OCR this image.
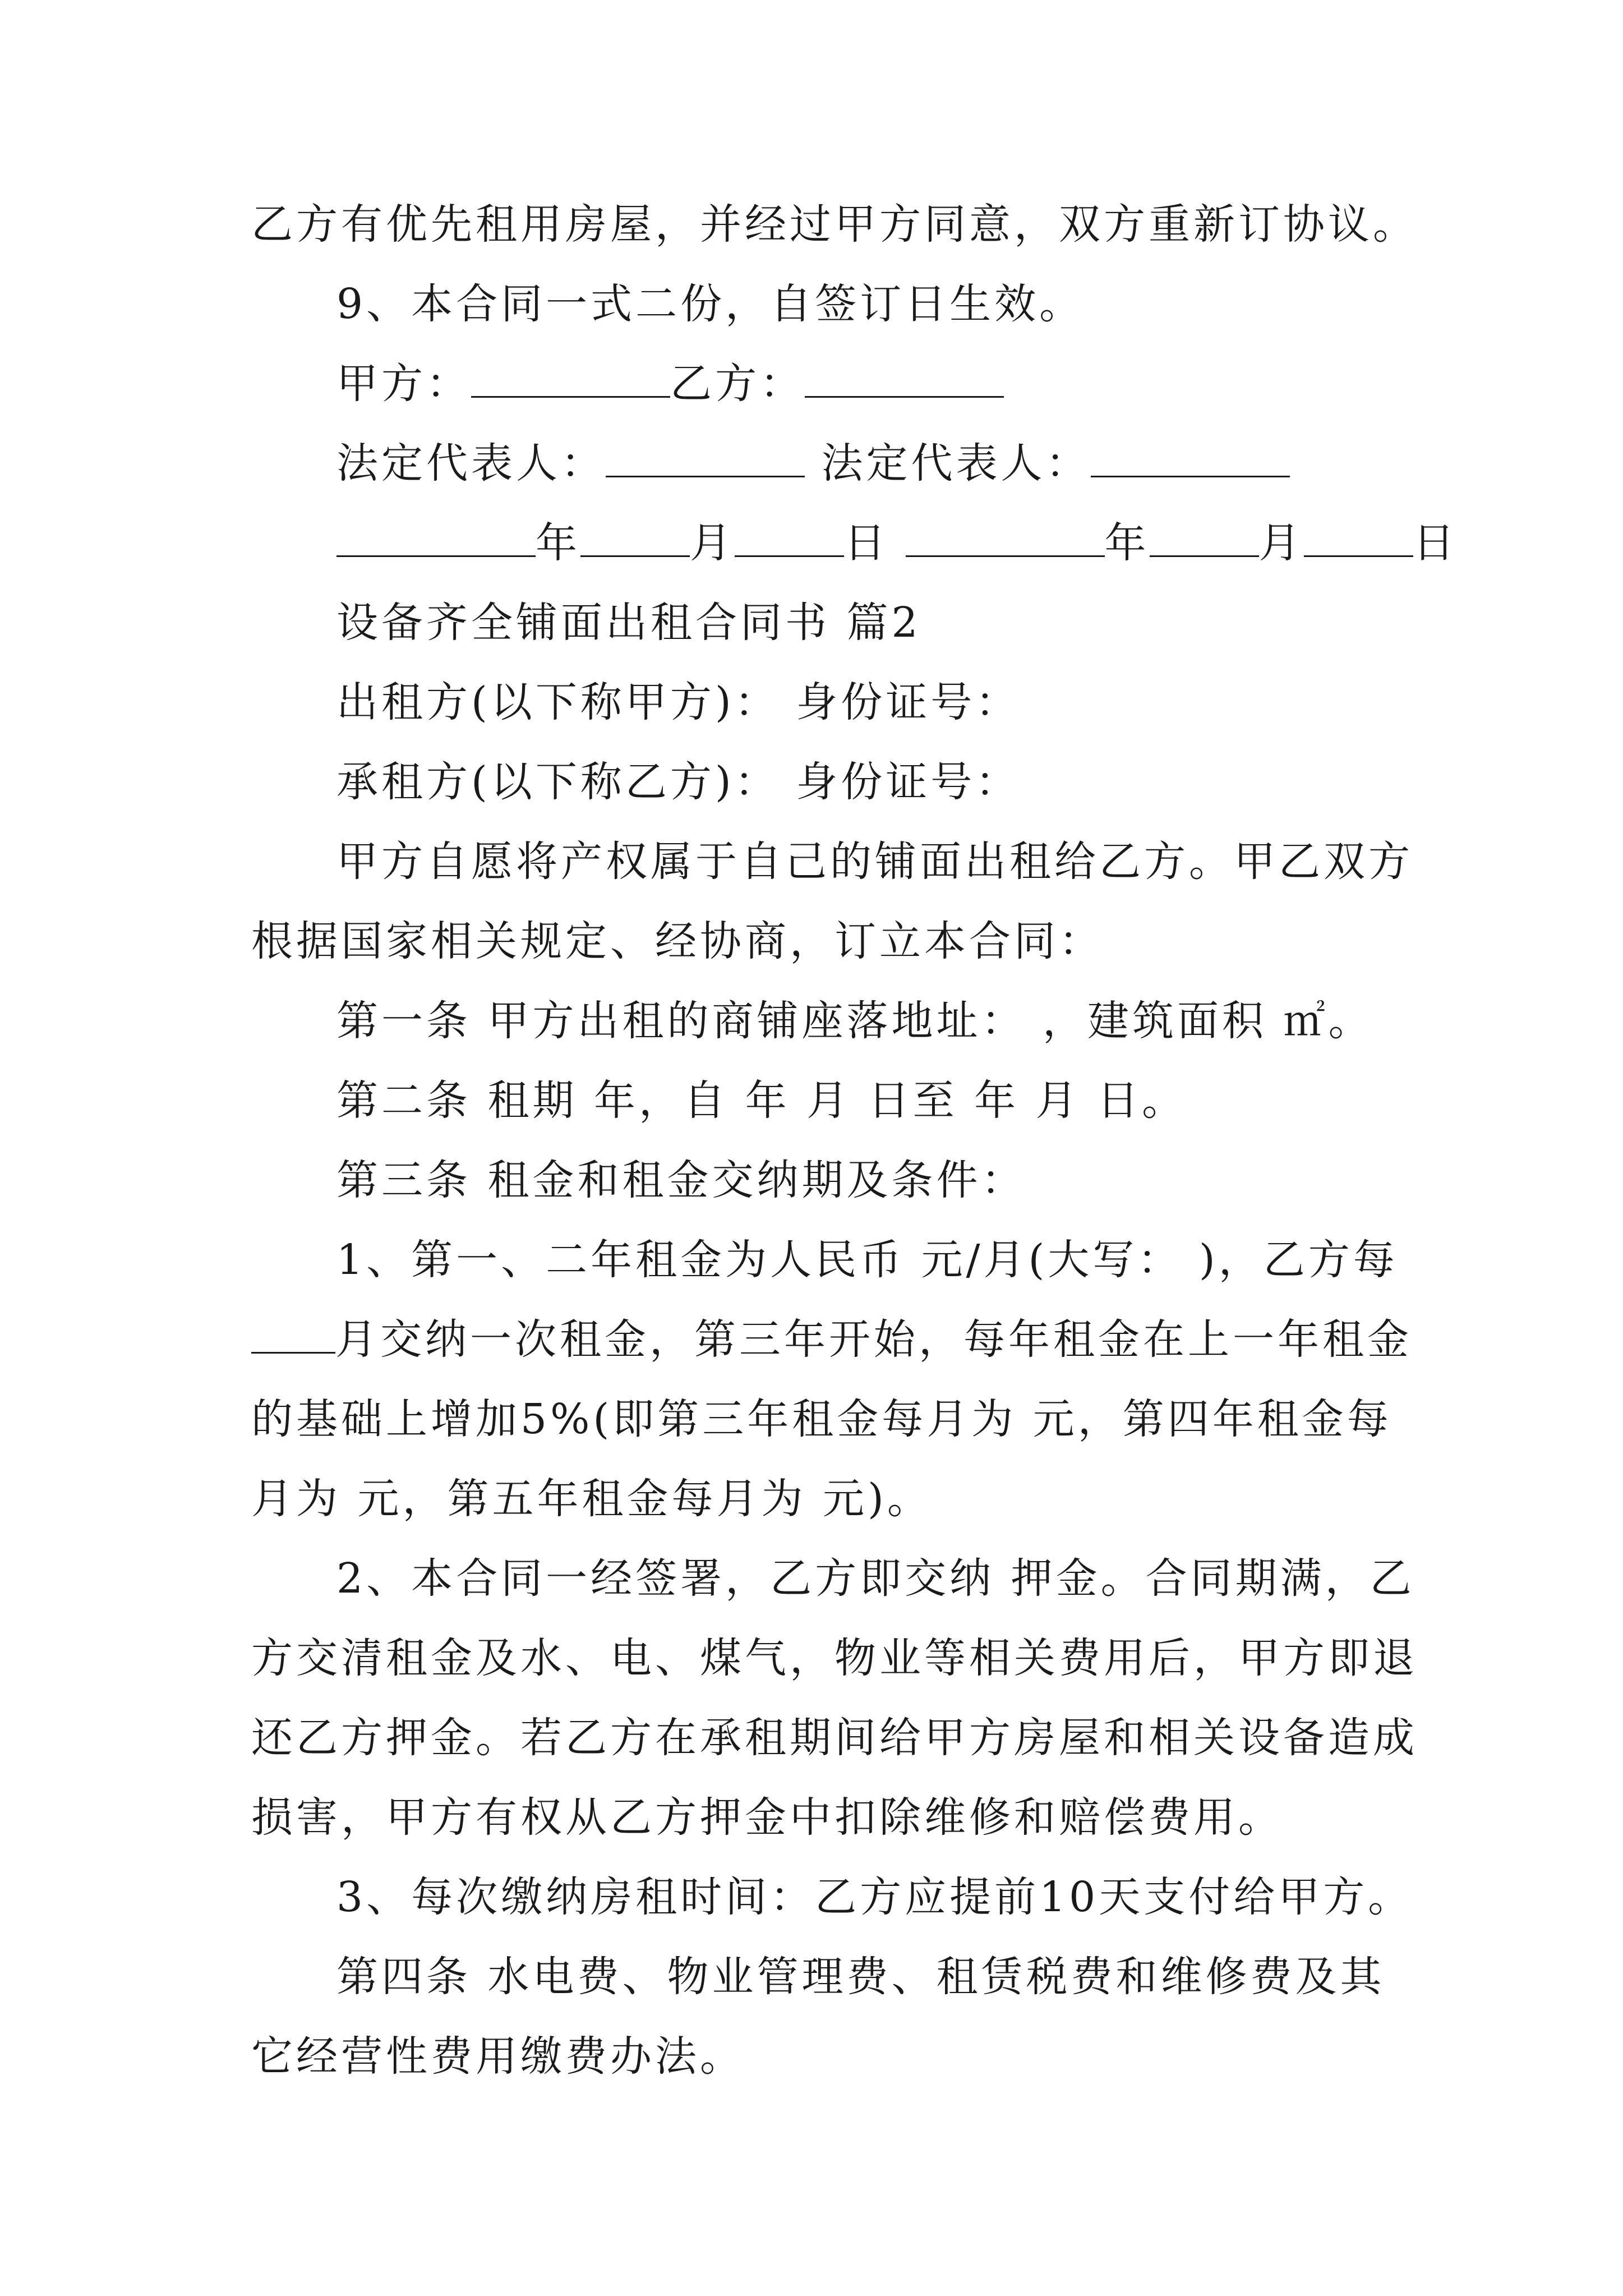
乙方有优先租用房屋，并经过甲方同意，双方重新订协议。
9、本合同一式二份，自签订日生效。
甲方：	乙方：
法定代表人：	法定代表人：
年	月	日	年	月	日
设备齐全铺面出租合同书 篇2
出租方(以下称甲方)： 身份证号：
承租方(以下称乙方)： 身份证号：
甲方自愿将产权属于自己的铺面出租给乙方。甲乙双方
根据国家相关规定、经协商，订立本合同：
第一条 甲方出租的商铺座落地址： ，建筑面积 ㎡。
第二条 租期 年，自 年 月 日至 年 月 日。
第三条 租金和租金交纳期及条件：
1、第一、二年租金为人民币 元/月(大写： )，乙方每
月交纳一次租金，第三年开始，每年租金在上一年租金
的基础上增加5%(即第三年租金每月为 元，第四年租金每
月为 元，第五年租金每月为 元)。
2、本合同一经签署，乙方即交纳 押金。合同期满，乙
方交清租金及水、电、煤气，物业等相关费用后，甲方即退
还乙方押金。若乙方在承租期间给甲方房屋和相关设备造成
损害，甲方有权从乙方押金中扣除维修和赔偿费用。
3、每次缴纳房租时间：乙方应提前10天支付给甲方。
第四条 水电费、物业管理费、租赁税费和维修费及其
它经营性费用缴费办法。
